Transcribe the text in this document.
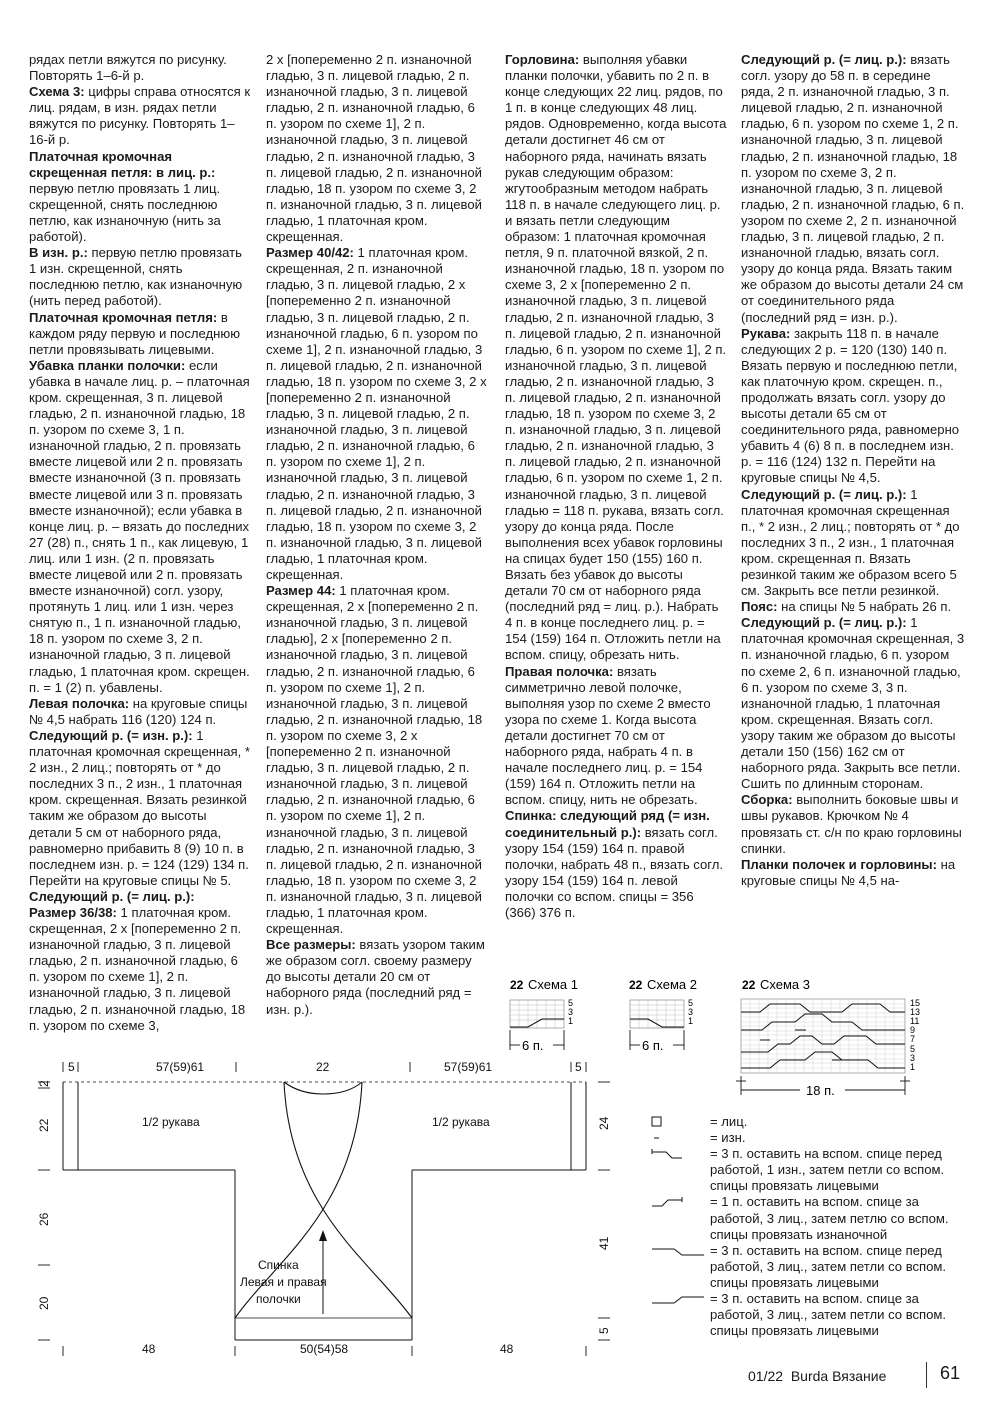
рядах петли вяжутся по рисунку. Повторять 1–6-й р.

Схема 3: цифры справа относятся к лиц. рядам, в изн. рядах петли вяжутся по рисунку. Повторять 1–16-й р.

Платочная кромочная скрещенная петля: в лиц. р.: первую петлю провязать 1 лиц. скрещенной, снять последнюю петлю, как изнаночную (нить за работой).

В изн. р.: первую петлю провязать 1 изн. скрещенной, снять последнюю петлю, как изнаночную (нить перед работой).

Платочная кромочная петля: в каждом ряду первую и последнюю петли провязывать лицевыми.

Убавка планки полочки: если убавка в начале лиц. р. – платочная кром. скрещенная, 3 п. лицевой гладью, 2 п. изнаночной гладью, 18 п. узором по схеме 3, 1 п. изнаночной гладью, 2 п. провязать вместе лицевой или 2 п. провязать вместе изнаночной (3 п. провязать вместе лицевой или 3 п. провязать вместе изнаночной); если убавка в конце лиц. р. – вязать до последних 27 (28) п., снять 1 п., как лицевую, 1 лиц. или 1 изн. (2 п. провязать вместе лицевой или 2 п. провязать вместе изнаночной) согл. узору, протянуть 1 лиц. или 1 изн. через снятую п., 1 п. изнаночной гладью, 18 п. узором по схеме 3, 2 п. изнаночной гладью, 3 п. лицевой гладью, 1 платочная кром. скрещен. п. = 1 (2) п. убавлены.

Левая полочка: на круговые спицы № 4,5 набрать 116 (120) 124 п.

Следующий р. (= изн. р.): 1 платочная кромочная скрещенная, * 2 изн., 2 лиц.; повторять от * до последних 3 п., 2 изн., 1 платочная кром. скрещенная. Вязать резинкой таким же образом до высоты детали 5 см от наборного ряда, равномерно прибавить 8 (9) 10 п. в последнем изн. р. = 124 (129) 134 п. Перейти на круговые спицы № 5.

Следующий р. (= лиц. р.):

Размер 36/38: 1 платочная кром. скрещенная, 2 x [попеременно 2 п. изнаночной гладью, 3 п. лицевой гладью, 2 п. изнаночной гладью, 6 п. узором по схеме 1], 2 п. изнаночной гладью, 3 п. лицевой гладью, 2 п. изнаночной гладью, 18 п. узором по схеме 3,

2 x [попеременно 2 п. изнаночной гладью, 3 п. лицевой гладью, 2 п. изнаночной гладью, 3 п. лицевой гладью, 2 п. изнаночной гладью, 6 п. узором по схеме 1], 2 п. изнаночной гладью, 3 п. лицевой гладью, 2 п. изнаночной гладью, 3 п. лицевой гладью, 2 п. изнаночной гладью, 18 п. узором по схеме 3, 2 п. изнаночной гладью, 3 п. лицевой гладью, 1 платочная кром. скрещенная.

Размер 40/42: 1 платочная кром. скрещенная, 2 п. изнаночной гладью, 3 п. лицевой гладью, 2 x [попеременно 2 п. изнаночной гладью, 3 п. лицевой гладью, 2 п. изнаночной гладью, 6 п. узором по схеме 1], 2 п. изнаночной гладью, 3 п. лицевой гладью, 2 п. изнаночной гладью, 18 п. узором по схеме 3, 2 x [попеременно 2 п. изнаночной гладью, 3 п. лицевой гладью, 2 п. изнаночной гладью, 3 п. лицевой гладью, 2 п. изнаночной гладью, 6 п. узором по схеме 1], 2 п. изнаночной гладью, 3 п. лицевой гладью, 2 п. изнаночной гладью, 3 п. лицевой гладью, 2 п. изнаночной гладью, 18 п. узором по схеме 3, 2 п. изнаночной гладью, 3 п. лицевой гладью, 1 платочная кром. скрещенная.

Размер 44: 1 платочная кром. скрещенная, 2 x [попеременно 2 п. изнаночной гладью, 3 п. лицевой гладью], 2 x [попеременно 2 п. изнаночной гладью, 3 п. лицевой гладью, 2 п. изнаночной гладью, 6 п. узором по схеме 1], 2 п. изнаночной гладью, 3 п. лицевой гладью, 2 п. изнаночной гладью, 18 п. узором по схеме 3, 2 x [попеременно 2 п. изнаночной гладью, 3 п. лицевой гладью, 2 п. изнаночной гладью, 3 п. лицевой гладью, 2 п. изнаночной гладью, 6 п. узором по схеме 1], 2 п. изнаночной гладью, 3 п. лицевой гладью, 2 п. изнаночной гладью, 3 п. лицевой гладью, 2 п. изнаночной гладью, 18 п. узором по схеме 3, 2 п. изнаночной гладью, 3 п. лицевой гладью, 1 платочная кром. скрещенная.

Все размеры: вязать узором таким же образом согл. своему размеру до высоты детали 20 см от наборного ряда (последний ряд = изн. р.).

Горловина: выполняя убавки планки полочки, убавить по 2 п. в конце следующих 22 лиц. рядов, по 1 п. в конце следующих 48 лиц. рядов. Одновременно, когда высота детали достигнет 46 см от наборного ряда, начинать вязать рукав следующим образом: жгутообразным методом набрать 118 п. в начале следующего лиц. р. и вязать петли следующим образом: 1 платочная кромочная петля, 9 п. платочной вязкой, 2 п. изнаночной гладью, 18 п. узором по схеме 3, 2 x [попеременно 2 п. изнаночной гладью, 3 п. лицевой гладью, 2 п. изнаночной гладью, 3 п. лицевой гладью, 2 п. изнаночной гладью, 6 п. узором по схеме 1], 2 п. изнаночной гладью, 3 п. лицевой гладью, 2 п. изнаночной гладью, 3 п. лицевой гладью, 2 п. изнаночной гладью, 18 п. узором по схеме 3, 2 п. изнаночной гладью, 3 п. лицевой гладью, 2 п. изнаночной гладью, 3 п. лицевой гладью, 2 п. изнаночной гладью, 6 п. узором по схеме 1, 2 п. изнаночной гладью, 3 п. лицевой гладью = 118 п. рукава, вязать согл. узору до конца ряда. После выполнения всех убавок горловины на спицах будет 150 (155) 160 п. Вязать без убавок до высоты детали 70 см от наборного ряда (последний ряд = лиц. р.). Набрать 4 п. в конце последнего лиц. р. = 154 (159) 164 п. Отложить петли на вспом. спицу, обрезать нить.

Правая полочка: вязать симметрично левой полочке, выполняя узор по схеме 2 вместо узора по схеме 1. Когда высота детали достигнет 70 см от наборного ряда, набрать 4 п. в начале последнего лиц. р. = 154 (159) 164 п. Отложить петли на вспом. спицу, нить не обрезать.

Спинка: следующий ряд (= изн. соединительный р.): вязать согл. узору 154 (159) 164 п. правой полочки, набрать 48 п., вязать согл. узору 154 (159) 164 п. левой полочки со вспом. спицы = 356 (366) 376 п.

Следующий р. (= лиц. р.): вязать согл. узору до 58 п. в середине ряда, 2 п. изнаночной гладью, 3 п. лицевой гладью, 2 п. изнаночной гладью, 6 п. узором по схеме 1, 2 п. изнаночной гладью, 3 п. лицевой гладью, 2 п. изнаночной гладью, 18 п. узором по схеме 3, 2 п. изнаночной гладью, 3 п. лицевой гладью, 2 п. изнаночной гладью, 6 п. узором по схеме 2, 2 п. изнаночной гладью, 3 п. лицевой гладью, 2 п. изнаночной гладью, вязать согл. узору до конца ряда. Вязать таким же образом до высоты детали 24 см от соединительного ряда (последний ряд = изн. р.).

Рукава: закрыть 118 п. в начале следующих 2 р. = 120 (130) 140 п. Вязать первую и последнюю петли, как платочную кром. скрещен. п., продолжать вязать согл. узору до высоты детали 65 см от соединительного ряда, равномерно убавить 4 (6) 8 п. в последнем изн. р. = 116 (124) 132 п. Перейти на круговые спицы № 4,5.

Следующий р. (= лиц. р.): 1 платочная кромочная скрещенная п., * 2 изн., 2 лиц.; повторять от * до последних 3 п., 2 изн., 1 платочная кром. скрещенная п. Вязать резинкой таким же образом всего 5 см. Закрыть все петли резинкой.

Пояс: на спицы № 5 набрать 26 п.

Следующий р. (= лиц. р.): 1 платочная кромочная скрещенная, 3 п. изнаночной гладью, 6 п. узором по схеме 2, 6 п. изнаночной гладью, 6 п. узором по схеме 3, 3 п. изнаночной гладью, 1 платочная кром. скрещенная. Вязать согл. узору таким же образом до высоты детали 150 (156) 162 см от наборного ряда. Закрыть все петли. Сшить по длинным сторонам.

Сборка: выполнить боковые швы и швы рукавов. Крючком № 4 провязать ст. с/н по краю горловины спинки.

Планки полочек и горловины: на круговые спицы № 4,5 на-

22 Схема 1
5
3
1
6 п.
22 Схема 2
5
3
1
6 п.
22 Схема 3
15
13
11
9
7
5
3
1
18 п.
5	57(59)61	22	57(59)61	5
2
22
26
20
24
41
5
1/2 рукава	1/2 рукава
Спинка
Левая и правая
полочки
48	50(54)58	48
= лиц.
= изн.
= 3 п. оставить на вспом. спице перед работой, 1 изн., затем петли со вспом. спицы провязать лицевыми
= 1 п. оставить на вспом. спице за работой, 3 лиц., затем петлю со вспом. спицы провязать изнаночной
= 3 п. оставить на вспом. спице перед работой, 3 лиц., затем петли со вспом. спицы провязать лицевыми
= 3 п. оставить на вспом. спице за работой, 3 лиц., затем петли со вспом. спицы провязать лицевыми
01/22 Burda Вязание	61
